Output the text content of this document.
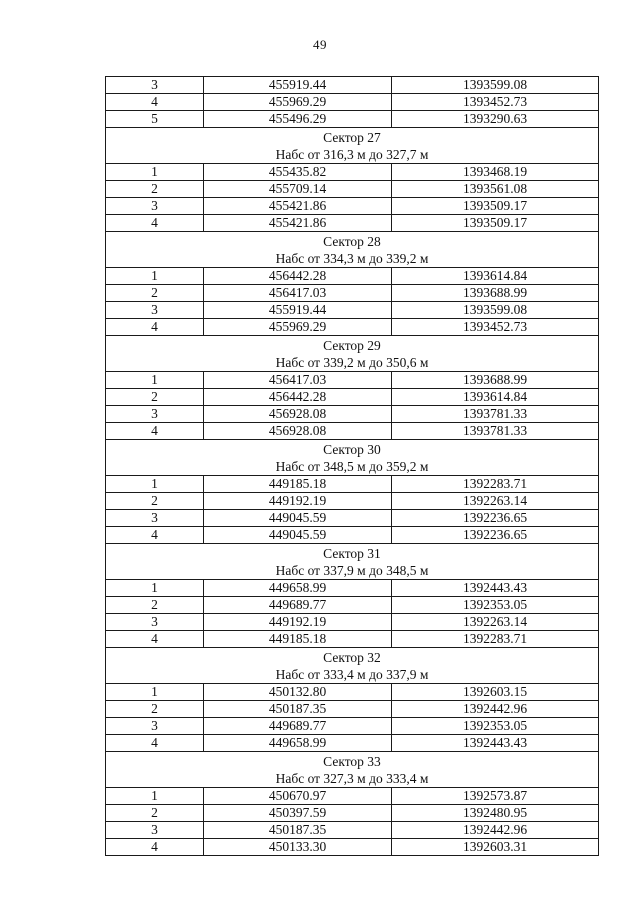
49
3	455919.44	1393599.08
4	455969.29	1393452.73
5	455496.29	1393290.63

Сектор 27
Набс от 316,3 м до 327,7 м		

1	455435.82	1393468.19
2	455709.14	1393561.08
3	455421.86	1393509.17
4	455421.86	1393509.17

Сектор 28
Набс от 334,3 м до 339,2 м		

1	456442.28	1393614.84
2	456417.03	1393688.99
3	455919.44	1393599.08
4	455969.29	1393452.73

Сектор 29
Набс от 339,2 м до 350,6 м		

1	456417.03	1393688.99
2	456442.28	1393614.84
3	456928.08	1393781.33
4	456928.08	1393781.33

Сектор 30
Набс от 348,5 м до 359,2 м		

1	449185.18	1392283.71
2	449192.19	1392263.14
3	449045.59	1392236.65
4	449045.59	1392236.65

Сектор 31
Набс от 337,9 м до 348,5 м		

1	449658.99	1392443.43
2	449689.77	1392353.05
3	449192.19	1392263.14
4	449185.18	1392283.71

Сектор 32
Набс от 333,4 м до 337,9 м		

1	450132.80	1392603.15
2	450187.35	1392442.96
3	449689.77	1392353.05
4	449658.99	1392443.43

Сектор 33
Набс от 327,3 м до 333,4 м		

1	450670.97	1392573.87
2	450397.59	1392480.95
3	450187.35	1392442.96
4	450133.30	1392603.31
